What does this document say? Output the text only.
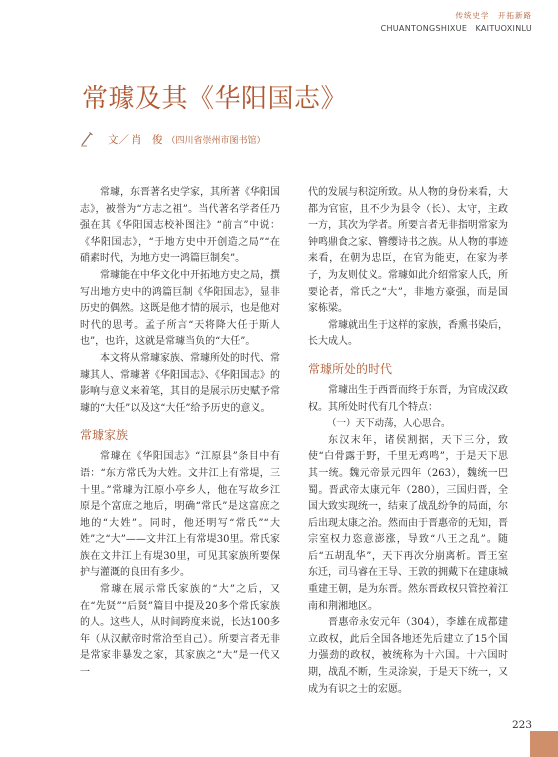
传统史学　开拓新路
CHUANTONGSHIXUE　KAITUOXINLU
常璩及其《华阳国志》
文／ 肖　俊 （四川省崇州市图书馆）

常璩，东晋著名史学家，其所著《华阳国志》，被誉为“方志之祖”。当代著名学者任乃强在其《华阳国志校补图注》“前言”中说：《华阳国志》，“于地方史中开创造之局”“在硝素时代，为地方史一鸿篇巨制矣”。

常璩能在中华文化中开拓地方史之局，撰写出地方史中的鸿篇巨制《华阳国志》，显非历史的偶然。这既是他才情的展示，也是他对时代的思考。孟子所言“天将降大任于斯人也”，也许，这就是常璩当负的“大任”。

本文将从常璩家族、常璩所处的时代、常璩其人、常璩著《华阳国志》、《华阳国志》的影响与意义来着笔，其目的是展示历史赋予常璩的“大任”以及这“大任”给予历史的意义。

常璩家族

常璩在《华阳国志》“江原县”条目中有语：“东方常氏为大姓。文井江上有常堤，三十里。”常璩为江原小亭乡人，他在写故乡江原是个富庶之地后，明确“常氏”是这富庶之地的“大姓”。同时，他还明写“常氏”“大姓”之“大”——文井江上有常堤30里。常氏家族在文井江上有堤30里，可见其家族所要保护与灌溉的良田有多少。

常璩在展示常氏家族的“大”之后，又在“先贤”“后贤”篇目中提及20多个常氏家族的人。这些人，从时间跨度来说，长达100多年（从汉献帝时常洽至自己）。所要言者无非是常家非暴发之家，其家族之“大”是一代又一

代的发展与积淀所致。从人物的身份来看，大都为官宦，且不少为县令（长）、太守，主政一方，其次为学者。所要言者无非指明常家为钟鸣鼎食之家、簪缨诗书之族。从人物的事迹来看，在朝为忠臣，在官为能吏，在家为孝子，为友则仗义。常璩如此介绍常家人氏，所要论者，常氏之“大”，非地方豪强，而是国家栋梁。

常璩就出生于这样的家族，香熏书染后，长大成人。

常璩所处的时代

常璩出生于西晋而终于东晋，为官成汉政权。其所处时代有几个特点：

（一）天下动荡，人心思合。

东汉末年，诸侯割据，天下三分，致使“白骨露于野，千里无鸡鸣”，于是天下思其一统。魏元帝景元四年（263），魏统一巴蜀。晋武帝太康元年（280），三国归晋，全国大致实现统一，结束了战乱纷争的局面，尔后出现太康之治。然而由于晋惠帝的无知，晋宗室权力恣意澎涨，导致“八王之乱”。随后“五胡乱华”，天下再次分崩离析。晋王室东迁，司马睿在王导、王敦的拥戴下在建康城重建王朝，是为东晋。然东晋政权只管控着江南和荆湘地区。

晋惠帝永安元年（304），李雄在成都建立政权，此后全国各地还先后建立了15个国力强劲的政权，被统称为十六国。十六国时期，战乱不断，生灵涂炭，于是天下统一，又成为有识之士的宏愿。

223
